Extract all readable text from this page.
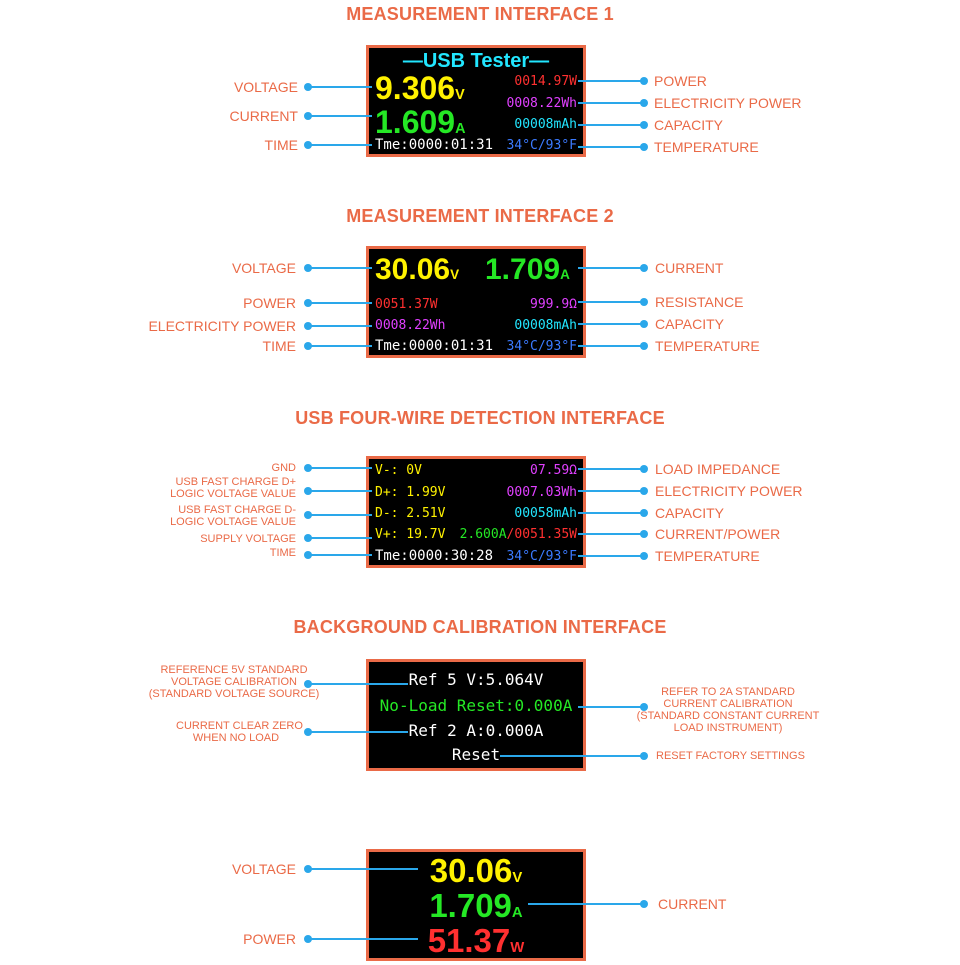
MEASUREMENT INTERFACE 1
—USB Tester—
9.306V
1.609A
Tme:0000:01:31
0014.97W
0008.22Wh
00008mAh
34°C/93°F
VOLTAGE
CURRENT
TIME
POWER
ELECTRICITY POWER
CAPACITY
TEMPERATURE
MEASUREMENT INTERFACE 2
30.06V 1.709A
0051.37W	999.9Ω
0008.22Wh	00008mAh
Tme:0000:01:31 34°C/93°F
VOLTAGE
POWER
ELECTRICITY POWER
TIME
CURRENT
RESISTANCE
CAPACITY
TEMPERATURE
USB FOUR-WIRE DETECTION INTERFACE
V-: 0V
D+: 1.99V
D-: 2.51V
V+: 19.7V
Tme:0000:30:28
07.59Ω
0007.03Wh
00058mAh
2.600A/0051.35W
34°C/93°F
GND
USB FAST CHARGE D+
LOGIC VOLTAGE VALUE
USB FAST CHARGE D-
LOGIC VOLTAGE VALUE
SUPPLY VOLTAGE
TIME
LOAD IMPEDANCE
ELECTRICITY POWER
CAPACITY
CURRENT/POWER
TEMPERATURE
BACKGROUND CALIBRATION INTERFACE
Ref 5 V:5.064V
No-Load Reset:0.000A
Ref 2 A:0.000A
Reset
REFERENCE 5V STANDARD
VOLTAGE CALIBRATION
(STANDARD VOLTAGE SOURCE)
CURRENT CLEAR ZERO
WHEN NO LOAD
REFER TO 2A STANDARD
CURRENT CALIBRATION
(STANDARD CONSTANT CURRENT
LOAD INSTRUMENT)
RESET FACTORY SETTINGS
30.06V
1.709A
51.37W
VOLTAGE
POWER
CURRENT
